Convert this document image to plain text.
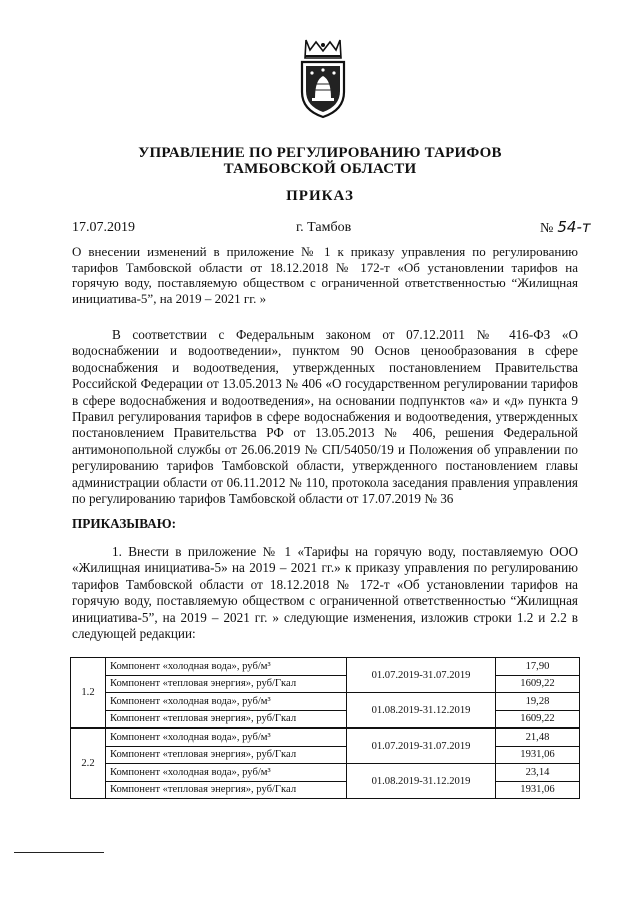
УПРАВЛЕНИЕ ПО РЕГУЛИРОВАНИЮ ТАРИФОВ
ТАМБОВСКОЙ ОБЛАСТИ
ПРИКАЗ
17.07.2019	г. Тамбов	№ 54-т
О внесении изменений в приложение № 1 к приказу управления по регулированию тарифов Тамбовской области от 18.12.2018 № 172-т «Об установлении тарифов на горячую воду, поставляемую обществом с ограниченной ответственностью “Жилищная инициатива-5”, на 2019 – 2021 гг. »
В соответствии с Федеральным законом от 07.12.2011 № 416-ФЗ «О водоснабжении и водоотведении», пунктом 90 Основ ценообразования в сфере водоснабжения и водоотведения, утвержденных постановлением Правительства Российской Федерации от 13.05.2013 № 406 «О государственном регулировании тарифов в сфере водоснабжения и водоотведения», на основании подпунктов «а» и «д» пункта 9 Правил регулирования тарифов в сфере водоснабжения и водоотведения, утвержденных постановлением Правительства РФ от 13.05.2013 № 406, решения Федеральной антимонопольной службы от 26.06.2019 № СП/54050/19 и Положения об управлении по регулированию тарифов Тамбовской области, утвержденного постановлением главы администрации области от 06.11.2012 № 110, протокола заседания правления управления по регулированию тарифов Тамбовской области от 17.07.2019 № 36
ПРИКАЗЫВАЮ:
1. Внести в приложение № 1 «Тарифы на горячую воду, поставляемую ООО «Жилищная инициатива-5» на 2019 – 2021 гг.» к приказу управления по регулированию тарифов Тамбовской области от 18.12.2018 № 172-т «Об установлении тарифов на горячую воду, поставляемую обществом с ограниченной ответственностью “Жилищная инициатива-5”, на 2019 – 2021 гг. » следующие изменения, изложив строки 1.2 и 2.2 в следующей редакции:
1.2	Компонент «холодная вода», руб/м³	01.07.2019-31.07.2019	17,90
	Компонент «тепловая энергия», руб/Гкал		1609,22
	Компонент «холодная вода», руб/м³	01.08.2019-31.12.2019	19,28
	Компонент «тепловая энергия», руб/Гкал		1609,22
2.2	Компонент «холодная вода», руб/м³	01.07.2019-31.07.2019	21,48
	Компонент «тепловая энергия», руб/Гкал		1931,06
	Компонент «холодная вода», руб/м³	01.08.2019-31.12.2019	23,14
	Компонент «тепловая энергия», руб/Гкал		1931,06
